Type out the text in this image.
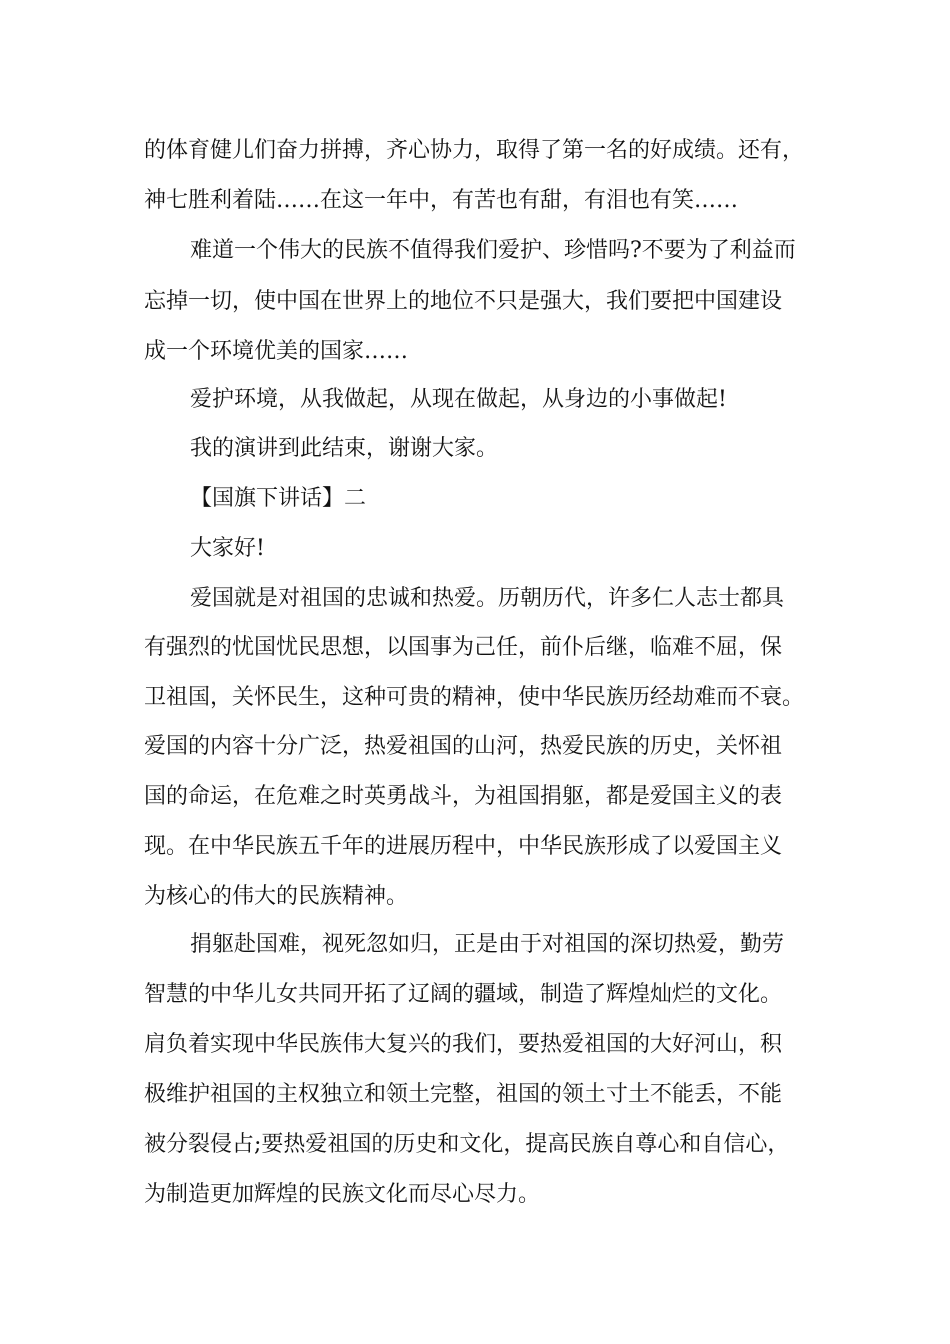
的体育健儿们奋力拼搏，齐心协力，取得了第一名的好成绩。还有，

神七胜利着陆……在这一年中，有苦也有甜，有泪也有笑……

难道一个伟大的民族不值得我们爱护、珍惜吗?不要为了利益而

忘掉一切，使中国在世界上的地位不只是强大，我们要把中国建设

成一个环境优美的国家……

爱护环境，从我做起，从现在做起，从身边的小事做起!

我的演讲到此结束，谢谢大家。

【国旗下讲话】二

大家好!

爱国就是对祖国的忠诚和热爱。历朝历代，许多仁人志士都具

有强烈的忧国忧民思想，以国事为己任，前仆后继，临难不屈，保

卫祖国，关怀民生，这种可贵的精神，使中华民族历经劫难而不衰。

爱国的内容十分广泛，热爱祖国的山河，热爱民族的历史，关怀祖

国的命运，在危难之时英勇战斗，为祖国捐躯，都是爱国主义的表

现。在中华民族五千年的进展历程中，中华民族形成了以爱国主义

为核心的伟大的民族精神。

捐躯赴国难，视死忽如归，正是由于对祖国的深切热爱，勤劳

智慧的中华儿女共同开拓了辽阔的疆域，制造了辉煌灿烂的文化。

肩负着实现中华民族伟大复兴的我们，要热爱祖国的大好河山，积

极维护祖国的主权独立和领土完整，祖国的领土寸土不能丢，不能

被分裂侵占;要热爱祖国的历史和文化，提高民族自尊心和自信心，

为制造更加辉煌的民族文化而尽心尽力。
